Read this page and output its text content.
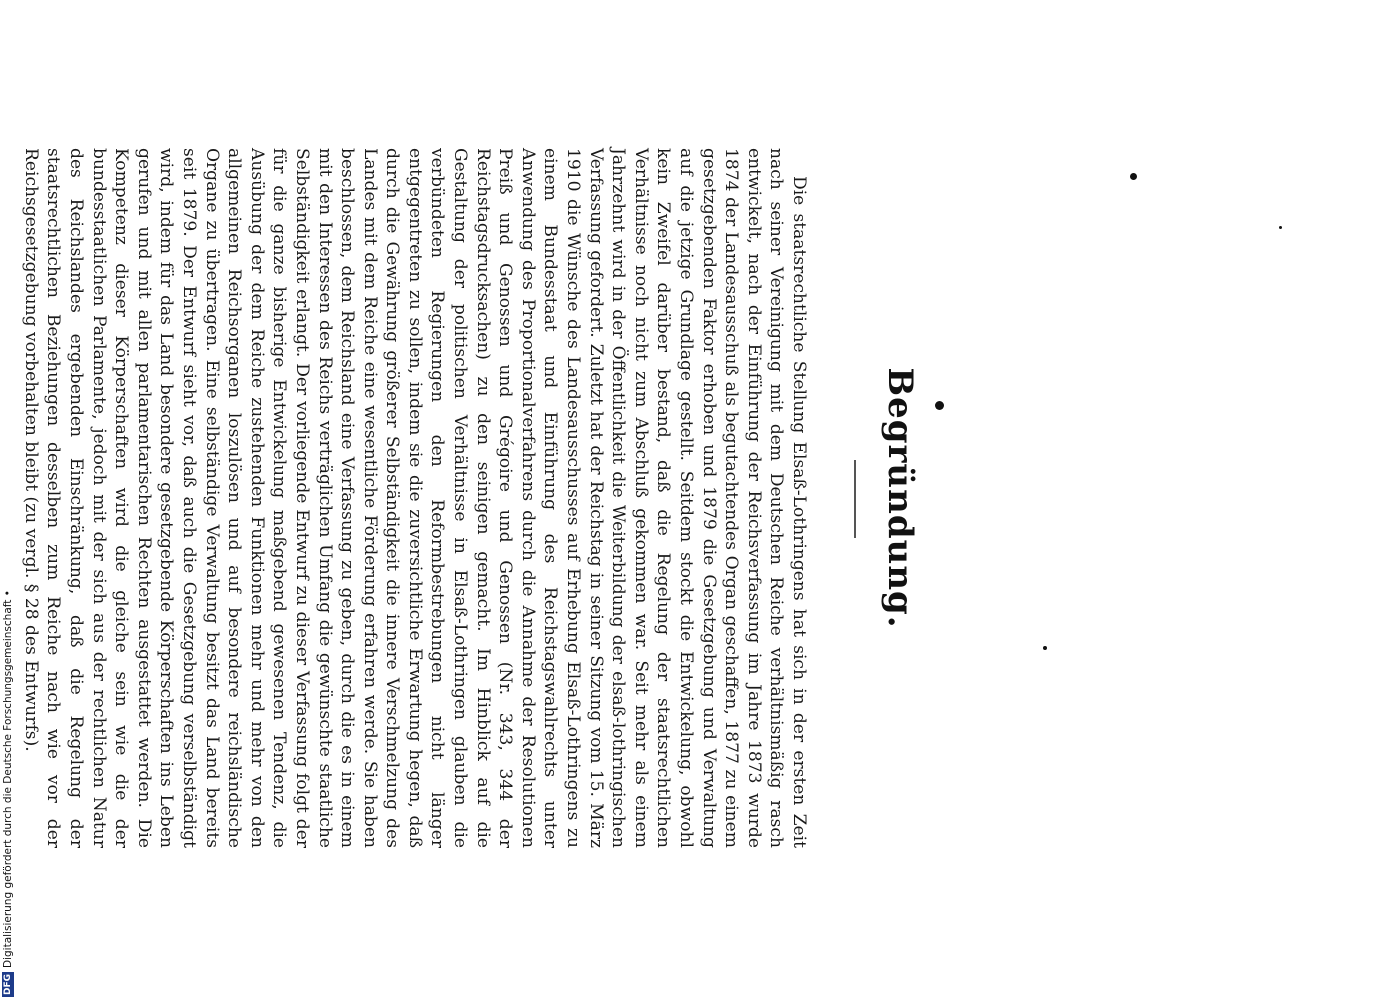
Begründung.

Die staatsrechtliche Stellung Elsaß-Lothringens hat sich in der ersten Zeit nach seiner Vereinigung mit dem Deutschen Reiche verhältnismäßig rasch entwickelt, nach der Einführung der Reichsverfassung im Jahre 1873 wurde 1874 der Landesausschuß als begutachtendes Organ geschaffen, 1877 zu einem gesetzgebenden Faktor erhoben und 1879 die Gesetzgebung und Verwaltung auf die jetzige Grundlage gestellt. Seitdem stockt die Entwickelung, obwohl kein Zweifel darüber bestand, daß die Regelung der staatsrechtlichen Verhältnisse noch nicht zum Abschluß gekommen war. Seit mehr als einem Jahrzehnt wird in der Öffentlichkeit die Weiterbildung der elsaß-lothringischen Verfassung gefordert. Zuletzt hat der Reichstag in seiner Sitzung vom 15. März 1910 die Wünsche des Landesausschusses auf Erhebung Elsaß-Lothringens zu einem Bundesstaat und Einführung des Reichstagswahlrechts unter Anwendung des Proportionalverfahrens durch die Annahme der Resolutionen Preiß und Genossen und Grégoire und Genossen (Nr. 343, 344 der Reichstagsdrucksachen) zu den seinigen gemacht. Im Hinblick auf die Gestaltung der politischen Verhältnisse in Elsaß-Lothringen glauben die verbündeten Regierungen den Reformbestrebungen nicht länger entgegentreten zu sollen, indem sie die zuversichtliche Erwartung hegen, daß durch die Gewährung größerer Selbständigkeit die innere Verschmelzung des Landes mit dem Reiche eine wesentliche Förderung erfahren werde. Sie haben beschlossen, dem Reichsland eine Verfassung zu geben, durch die es in einem mit den Interessen des Reichs verträglichen Umfang die gewünschte staatliche Selbständigkeit erlangt. Der vorliegende Entwurf zu dieser Verfassung folgt der für die ganze bisherige Entwickelung maßgebend gewesenen Tendenz, die Ausübung der dem Reiche zustehenden Funktionen mehr und mehr von den allgemeinen Reichsorganen loszulösen und auf besondere reichsländische Organe zu übertragen. Eine selbständige Verwaltung besitzt das Land bereits seit 1879. Der Entwurf sieht vor, daß auch die Gesetzgebung verselbständigt wird, indem für das Land besondere gesetzgebende Körperschaften ins Leben gerufen und mit allen parlamentarischen Rechten ausgestattet werden. Die Kompetenz dieser Körperschaften wird die gleiche sein wie die der bundesstaatlichen Parlamente, jedoch mit der sich aus der rechtlichen Natur des Reichslandes ergebenden Einschränkung, daß die Regelung der staatsrechtlichen Beziehungen desselben zum Reiche nach wie vor der Reichsgesetzgebung vorbehalten bleibt (zu vergl. § 28 des Entwurfs).

DFGDigitalisierung gefördert durch die Deutsche Forschungsgemeinschaft •
